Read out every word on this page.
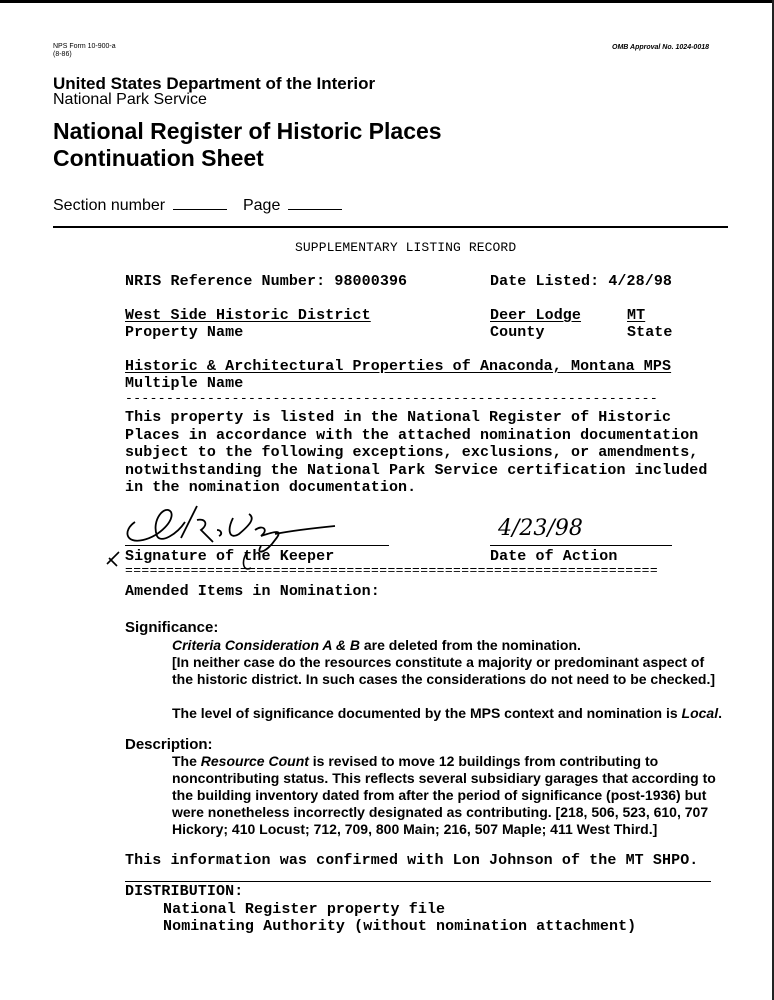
NPS Form 10-900-a
(8-86)
OMB Approval No. 1024-0018
United States Department of the Interior
National Park Service
National Register of Historic Places
Continuation Sheet
Section number	Page
SUPPLEMENTARY LISTING RECORD
NRIS Reference Number: 98000396	Date Listed: 4/28/98
West Side Historic District
Property Name
Deer Lodge
County
MT
State
Historic & Architectural Properties of Anaconda, Montana MPS
Multiple Name
-----------------------------------------------------------------
This property is listed in the National Register of Historic
Places in accordance with the attached nomination documentation
subject to the following exceptions, exclusions, or amendments,
notwithstanding the National Park Service certification included
in the nomination documentation.
Signature of the Keeper
4/23/98
Date of Action
=================================================================
Amended Items in Nomination:
Significance:
Criteria Consideration A & B are deleted from the nomination.
[In neither case do the resources constitute a majority or predominant aspect of
the historic district. In such cases the considerations do not need to be checked.]
The level of significance documented by the MPS context and nomination is Local.
Description:
The Resource Count is revised to move 12 buildings from contributing to
noncontributing status. This reflects several subsidiary garages that according to
the building inventory dated from after the period of significance (post-1936) but
were nonetheless incorrectly designated as contributing. [218, 506, 523, 610, 707
Hickory; 410 Locust; 712, 709, 800 Main; 216, 507 Maple; 411 West Third.]
This information was confirmed with Lon Johnson of the MT SHPO.
DISTRIBUTION:
National Register property file
Nominating Authority (without nomination attachment)
